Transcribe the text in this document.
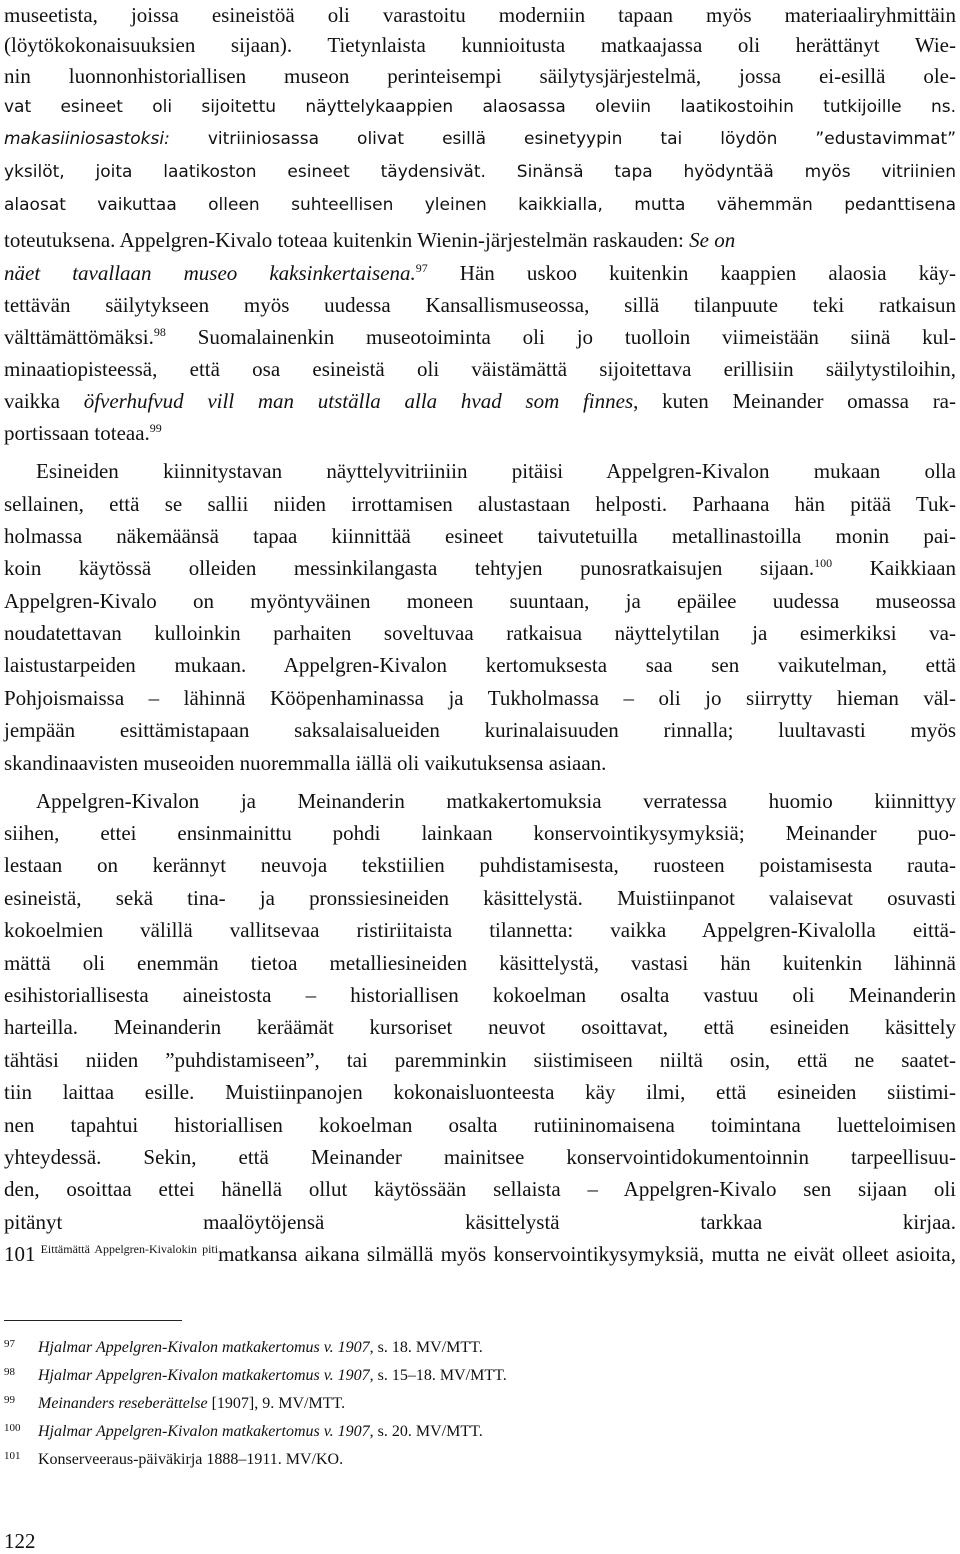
museetista, joissa esineistöä oli varastoitu moderniin tapaan myös materiaaliryhmittäin
(löytökokonaisuuksien sijaan). Tietynlaista kunnioitusta matkaajassa oli herättänyt Wie-
nin luonnonhistoriallisen museon perinteisempi säilytysjärjestelmä, jossa ei-esillä ole-
vat esineet oli sijoitettu näyttelykaappien alaosassa oleviin laatikostoihin tutkijoille ns.
makasiiniosastoksi: vitriiniosassa olivat esillä esinetyypin tai löydön ”edustavimmat”
yksilöt, joita laatikoston esineet täydensivät. Sinänsä tapa hyödyntää myös vitriinien
alaosat vaikuttaa olleen suhteellisen yleinen kaikkialla, mutta vähemmän pedanttisena
toteutuksena. Appelgren-Kivalo toteaa kuitenkin Wienin-järjestelmän raskauden: Se on
näet tavallaan museo kaksinkertaisena.$^{97}$ Hän uskoo kuitenkin kaappien alaosia käy-
tettävän säilytykseen myös uudessa Kansallismuseossa, sillä tilanpuute teki ratkaisun
välttämättömäksi.$^{98}$ Suomalainenkin museotoiminta oli jo tuolloin viimeistään siinä kul-
minaatiopisteessä, että osa esineistä oli väistämättä sijoitettava erillisiin säilytystiloihin,
vaikka öfverhufvud vill man utställa alla hvad som finnes, kuten Meinander omassa ra-
portissaan toteaa.$^{99}$
Esineiden kiinnitystavan näyttelyvitriiniin pitäisi Appelgren-Kivalon mukaan olla
sellainen, että se sallii niiden irrottamisen alustastaan helposti. Parhaana hän pitää Tuk-
holmassa näkemäänsä tapaa kiinnittää esineet taivutetuilla metallinastoilla monin pai-
koin käytössä olleiden messinkilangasta tehtyjen punosratkaisujen sijaan.$^{100}$ Kaikkiaan
Appelgren-Kivalo on myöntyväinen moneen suuntaan, ja epäilee uudessa museossa
noudatettavan kulloinkin parhaiten soveltuvaa ratkaisua näyttelytilan ja esimerkiksi va-
laistustarpeiden mukaan. Appelgren-Kivalon kertomuksesta saa sen vaikutelman, että
Pohjoismaissa – lähinnä Kööpenhaminassa ja Tukholmassa – oli jo siirrytty hieman väl-
jempään esittämistapaan saksalaisalueiden kurinalaisuuden rinnalla; luultavasti myös
skandinaavisten museoiden nuoremmalla iällä oli vaikutuksensa asiaan.
Appelgren-Kivalon ja Meinanderin matkakertomuksia verratessa huomio kiinnittyy
siihen, ettei ensinmainittu pohdi lainkaan konservointikysymyksiä; Meinander puo-
lestaan on kerännyt neuvoja tekstiilien puhdistamisesta, ruosteen poistamisesta rauta-
esineistä, sekä tina- ja pronssiesineiden käsittelystä. Muistiinpanot valaisevat osuvasti
kokoelmien välillä vallitsevaa ristiriitaista tilannetta: vaikka Appelgren-Kivalolla eittä-
mättä oli enemmän tietoa metalliesineiden käsittelystä, vastasi hän kuitenkin lähinnä
esihistoriallisesta aineistosta – historiallisen kokoelman osalta vastuu oli Meinanderin
harteilla. Meinanderin keräämät kursoriset neuvot osoittavat, että esineiden käsittely
tähtäsi niiden ”puhdistamiseen”, tai paremminkin siistimiseen niiltä osin, että ne saatet-
tiin laittaa esille. Muistiinpanojen kokonaisluonteesta käy ilmi, että esineiden siistimi-
nen tapahtui historiallisen kokoelman osalta rutiininomaisena toimintana luetteloimisen
yhteydessä. Sekin, että Meinander mainitsee konservointidokumentoinnin tarpeellisuu-
den, osoittaa ettei hänellä ollut käytössään sellaista – Appelgren-Kivalo sen sijaan oli
pitänyt maalöytöjensä käsittelystä tarkkaa kirjaa.
101 $^{Eittämättä Appelgren-Kivalokin piti}$matkansa aikana silmällä myös konservointikysymyksiä, mutta ne eivät olleet asioita,
97 Hjalmar Appelgren-Kivalon matkakertomus v. 1907, s. 18. MV/MTT.
98 Hjalmar Appelgren-Kivalon matkakertomus v. 1907, s. 15–18. MV/MTT.
99 Meinanders reseberättelse [1907], 9. MV/MTT.
100 Hjalmar Appelgren-Kivalon matkakertomus v. 1907, s. 20. MV/MTT.
101 Konserveeraus-päiväkirja 1888–1911. MV/KO.
122
